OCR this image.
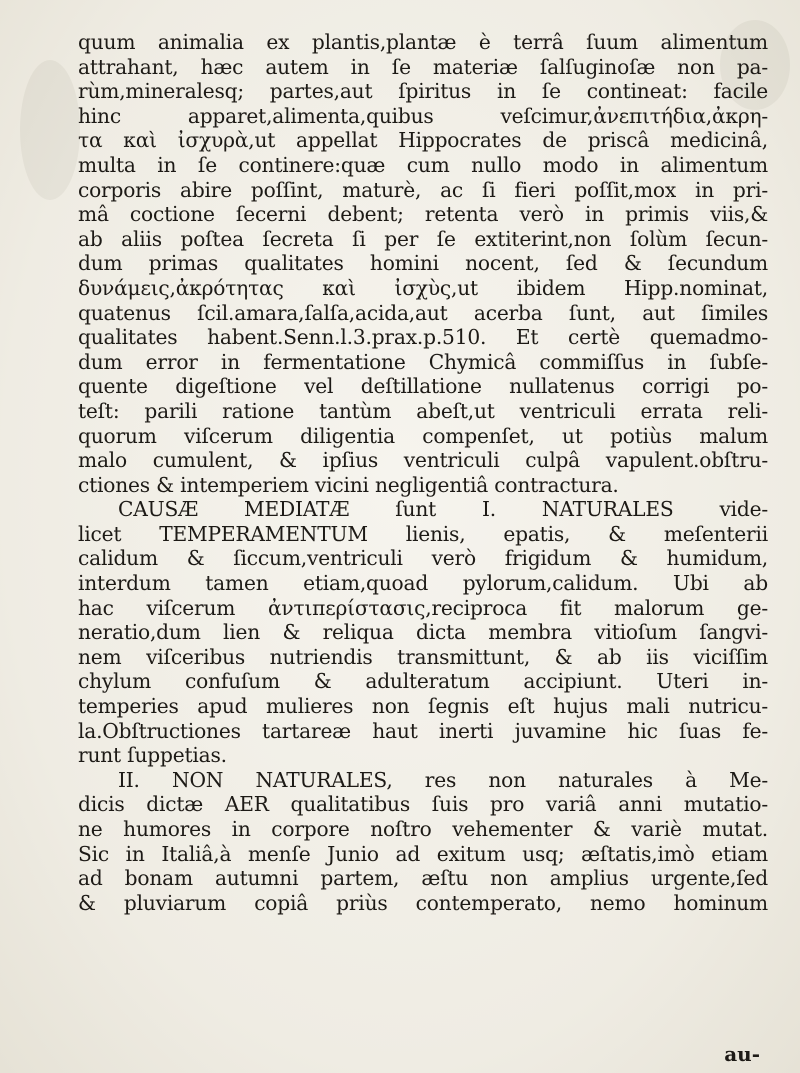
quum animalia ex plantis,plantæ è terrâ ſuum alimentum
attrahant, hæc autem in ſe materiæ ſalſuginoſæ non pa-
rùm,mineralesq; partes,aut ſpiritus in ſe contineat: facile
hinc apparet,alimenta,quibus veſcimur,ἀνεπιτήδια,ἀκρη-
τα καὶ ἰσχυρὰ,ut appellat Hippocrates de priscâ medicinâ,
multa in ſe continere:quæ cum nullo modo in alimentum
corporis abire poſſint, maturè, ac ſi fieri poſſit,mox in pri-
mâ coctione ſecerni debent; retenta verò in primis viis,&
ab aliis poſtea ſecreta ſi per ſe extiterint,non ſolùm ſecun-
dum primas qualitates homini nocent, ſed & ſecundum
δυνάμεις,ἀκρότητας καὶ ἰσχὺς,ut ibidem Hipp.nominat,
quatenus ſcil.amara,ſalſa,acida,aut acerba ſunt, aut ſimiles
qualitates habent.Senn.l.3.prax.p.510. Et certè quemadmo-
dum error in fermentatione Chymicâ commiſſus in ſubſe-
quente digeſtione vel deſtillatione nullatenus corrigi po-
teſt: parili ratione tantùm abeſt,ut ventriculi errata reli-
quorum viſcerum diligentia compenſet, ut potiùs malum
malo cumulent, & ipſius ventriculi culpâ vapulent.obſtru-
ctiones & intemperiem vicini negligentiâ contractura.
CAUSÆ MEDIATÆ ſunt I. NATURALES vide-
licet TEMPERAMENTUM lienis, epatis, & meſenterii
calidum & ſiccum,ventriculi verò frigidum & humidum,
interdum tamen etiam,quoad pylorum,calidum. Ubi ab
hac viſcerum ἀντιπερίστασις,reciproca fit malorum ge-
neratio,dum lien & reliqua dicta membra vitioſum ſangvi-
nem viſceribus nutriendis transmittunt, & ab iis viciſſim
chylum confuſum & adulteratum accipiunt. Uteri in-
temperies apud mulieres non ſegnis eſt hujus mali nutricu-
la.Obſtructiones tartareæ haut inerti juvamine hic ſuas fe-
runt ſuppetias.
II. NON NATURALES, res non naturales à Me-
dicis dictæ AER qualitatibus ſuis pro variâ anni mutatio-
ne humores in corpore noſtro vehementer & variè mutat.
Sic in Italiâ,à menſe Junio ad exitum usq; æſtatis,imò etiam
ad bonam autumni partem, æſtu non amplius urgente,ſed
& pluviarum copiâ priùs contemperato, nemo hominum
au-
